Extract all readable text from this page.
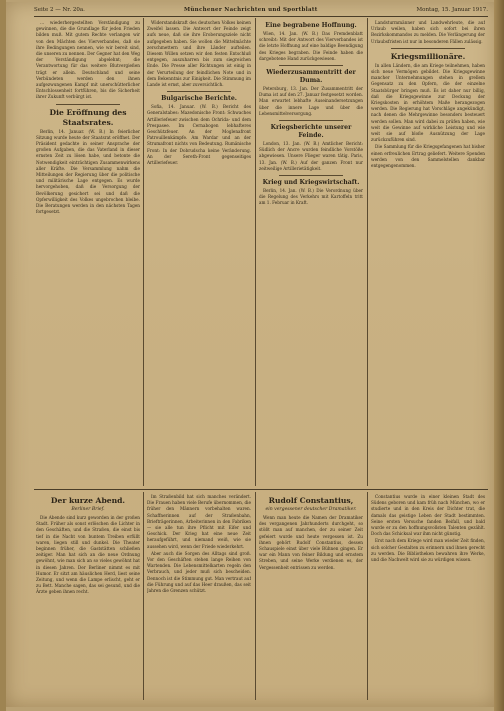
Seite 2 — Nr. 20a.	Münchener Nachrichten und Sportblatt	Montag, 15. Januar 1917.

… wiederhergestellten Verständigung zu gewinnen, die die Grundlage für jeden Frieden bilden muß. Mit gutem Rechte verlangen wir von den Mächten des Vierverbandes, daß sie ihre Bedingungen nennen, wie wir bereit sind, die unseren zu nennen. Der Gegner hat den Weg der Verständigung abgelehnt; die Verantwortung für das weitere Blutvergießen trägt er allein. Deutschland und seine Verbündeten werden den ihnen aufgezwungenen Kampf mit unerschütterlicher Entschlossenheit fortführen, bis die Sicherheit ihrer Zukunft verbürgt ist.

Die Eröffnung des Staatsrates.

Berlin, 14. Januar. (W. B.) In feierlicher Sitzung wurde heute der Staatsrat eröffnet. Der Präsident gedachte in seiner Ansprache der großen Aufgaben, die das Vaterland in dieser ernsten Zeit zu lösen habe, und betonte die Notwendigkeit einträchtigen Zusammenwirkens aller Kräfte. Die Versammlung nahm die Mitteilungen der Regierung über die politische und militärische Lage entgegen. Es wurde hervorgehoben, daß die Versorgung der Bevölkerung gesichert sei und daß die Opferwilligkeit des Volkes ungebrochen bleibe. Die Beratungen werden in den nächsten Tagen fortgesetzt.

Widerstandskraft des deutschen Volkes keinen Zweifel lassen. Die Antwort der Feinde zeigt aufs neue, daß sie ihre Eroberungsziele nicht aufgegeben haben. Sie wollen die Mittelmächte zerschmettern und ihre Länder aufteilen. Diesem Willen setzen wir den festen Entschluß entgegen, auszuharren bis zum siegreichen Ende. Die Presse aller Richtungen ist einig in der Verurteilung der feindlichen Note und in dem Bekenntnis zur Einigkeit. Die Stimmung im Lande ist ernst, aber zuversichtlich.

Bulgarische Berichte.

Sofia, 14. Januar. (W. B.) Bericht des Generalstabes: Mazedonische Front: Schwaches Artilleriefeuer zwischen dem Ochrida- und dem Prespasee. Im Cernabogen lebhafteres Geschützfeuer. An der Moglenafront Patrouillenkämpfe. Am Wardar und an der Strumafront nichts von Bedeutung. Rumänische Front: In der Dobrudscha keine Veränderung. An der Sereth-Front gegenseitiges Artilleriefeuer.

Eine begrabene Hoffnung.

Wien, 14. Jan. (W. B.) Das Fremdenblatt schreibt: Mit der Antwort des Vierverbandes ist die letzte Hoffnung auf eine baldige Beendigung des Krieges begraben. Die Feinde haben die dargebotene Hand zurückgewiesen.

Wiederzusammentritt der Duma.

Petersburg, 13. Jan. Der Zusammentritt der Duma ist auf den 27. Januar festgesetzt worden. Man erwartet lebhafte Auseinandersetzungen über die innere Lage und über die Lebensmittelversorgung.

Kriegsberichte unserer Feinde.

London, 13. Jan. (W. B.) Amtlicher Bericht: Südlich der Ancre wurden feindliche Vorstöße abgewiesen. Unsere Flieger waren tätig. Paris, 13. Jan. (W. B.) Auf der ganzen Front nur zeitweilige Artillerietätigkeit.

Krieg und Kriegswirtschaft.

Berlin, 14. Jan. (W. B.) Die Verordnung über die Regelung des Verkehrs mit Kartoffeln tritt am 1. Februar in Kraft.

Landsturmmänner und Landwehrleute, die auf Urlaub weilen, haben sich sofort bei ihren Bezirkskommandos zu melden. Die Verlängerung der Urlaubsfristen ist nur in besonderen Fällen zulässig.

Kriegsmillionäre.

In allen Ländern, die am Kriege teilnehmen, haben sich neue Vermögen gebildet. Die Kriegsgewinne mancher Unternehmungen stehen in grellem Gegensatz zu den Opfern, die der einzelne Staatsbürger bringen muß. Es ist daher nur billig, daß die Kriegsgewinne zur Deckung der Kriegskosten in erhöhtem Maße herangezogen werden. Die Regierung hat Vorschläge angekündigt, nach denen die Mehrgewinne besonders besteuert werden sollen. Man wird dabei zu prüfen haben, wie weit die Gewinne auf wirkliche Leistung und wie weit sie auf bloße Ausnützung der Lage zurückzuführen sind.

Die Sammlung für die Kriegsgefangenen hat bisher einen erfreulichen Ertrag geliefert. Weitere Spenden werden von den Sammelstellen dankbar entgegengenommen.

Der kurze Abend.
Berliner Brief.

Die Abende sind kurz geworden in der großen Stadt. Früher als sonst erlöschen die Lichter in den Geschäften, und die Straßen, die einst bis tief in die Nacht von buntem Treiben erfüllt waren, liegen still und dunkel. Die Theater beginnen früher, die Gaststätten schließen zeitiger. Man hat sich an die neue Ordnung gewöhnt, wie man sich an so vieles gewöhnt hat in diesen Jahren. Der Berliner nimmt es mit Humor. Er sitzt am häuslichen Herd, liest seine Zeitung, und wenn die Lampe erlischt, geht er zu Bett. Manche sagen, das sei gesund, und die Ärzte geben ihnen recht.

Im Straßenbild hat sich manches verändert. Die Frauen haben viele Berufe übernommen, die früher den Männern vorbehalten waren. Schaffnerinnen auf der Straßenbahn, Briefträgerinnen, Arbeiterinnen in den Fabriken — sie alle tun ihre Pflicht mit Eifer und Geschick. Der Krieg hat eine neue Zeit heraufgeführt, und niemand weiß, wie sie aussehen wird, wenn der Friede wiederkehrt.

Aber auch die Sorgen des Alltags sind groß. Vor den Geschäften stehen lange Reihen von Wartenden. Die Lebensmittelkarten regeln den Verbrauch, und jeder muß sich bescheiden. Dennoch ist die Stimmung gut. Man vertraut auf die Führung und auf das Heer draußen, das seit Jahren die Grenzen schützt.

Rudolf Constantius,
ein vergessener deutscher Dramatiker.

Wenn man heute die Namen der Dramatiker des vergangenen Jahrhunderts durchgeht, so stößt man auf manchen, der zu seiner Zeit gefeiert wurde und heute vergessen ist. Zu ihnen gehört Rudolf Constantius, dessen Schauspiele einst über viele Bühnen gingen. Er war ein Mann von feiner Bildung und ernstem Streben, und seine Werke verdienen es, der Vergessenheit entrissen zu werden.

Constantius wurde in einer kleinen Stadt des Südens geboren und kam früh nach München, wo er studierte und in den Kreis der Dichter trat, die damals das geistige Leben der Stadt bestimmten. Seine ersten Versuche fanden Beifall, und bald wurde er zu den hoffnungsvollsten Talenten gezählt. Doch das Schicksal war ihm nicht günstig.

Erst nach dem Kriege wird man wieder Zeit finden, sich solcher Gestalten zu erinnern und ihnen gerecht zu werden. Die Bibliotheken bewahren ihre Werke, und die Nachwelt wird sie zu würdigen wissen.
